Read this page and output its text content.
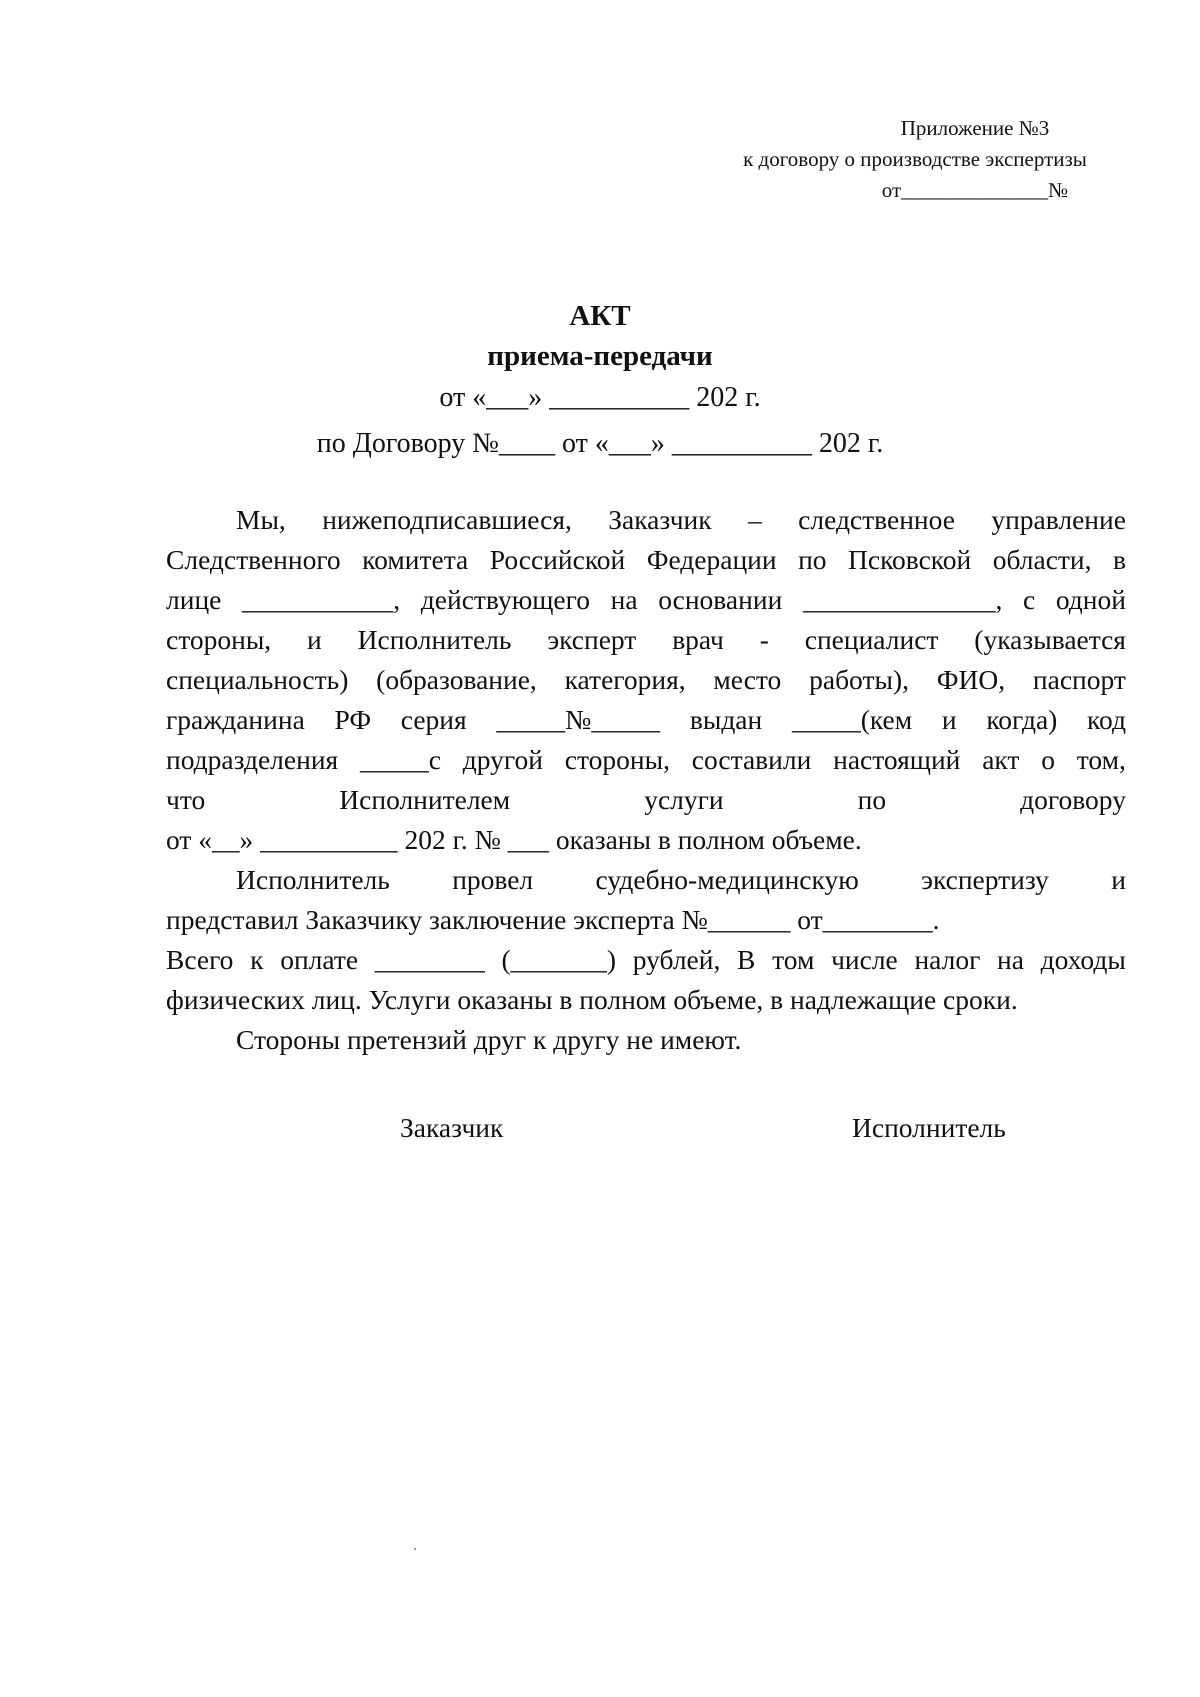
Приложение №3
к договору о производстве экспертизы
от______________№
АКТ
приема-передачи
от «___» __________ 202 г.
по Договору №____ от «___» __________ 202 г.
Мы, нижеподписавшиеся, Заказчик – следственное управление
Следственного комитета Российской Федерации по Псковской области, в
лице ___________, действующего на основании ______________, с одной
стороны, и Исполнитель эксперт врач - специалист (указывается
специальность) (образование, категория, место работы), ФИО, паспорт
гражданина РФ серия _____№_____ выдан _____(кем и когда) код
подразделения _____с другой стороны, составили настоящий акт о том,
что	Исполнителем	услуги	по	договору
от «__» __________ 202 г. № ___ оказаны в полном объеме.
Исполнитель провел судебно-медицинскую экспертизу и
представил Заказчику заключение эксперта №______ от________.
Всего к оплате ________ (_______) рублей, В том числе налог на доходы
физических лиц. Услуги оказаны в полном объеме, в надлежащие сроки.
Стороны претензий друг к другу не имеют.
Заказчик	Исполнитель
